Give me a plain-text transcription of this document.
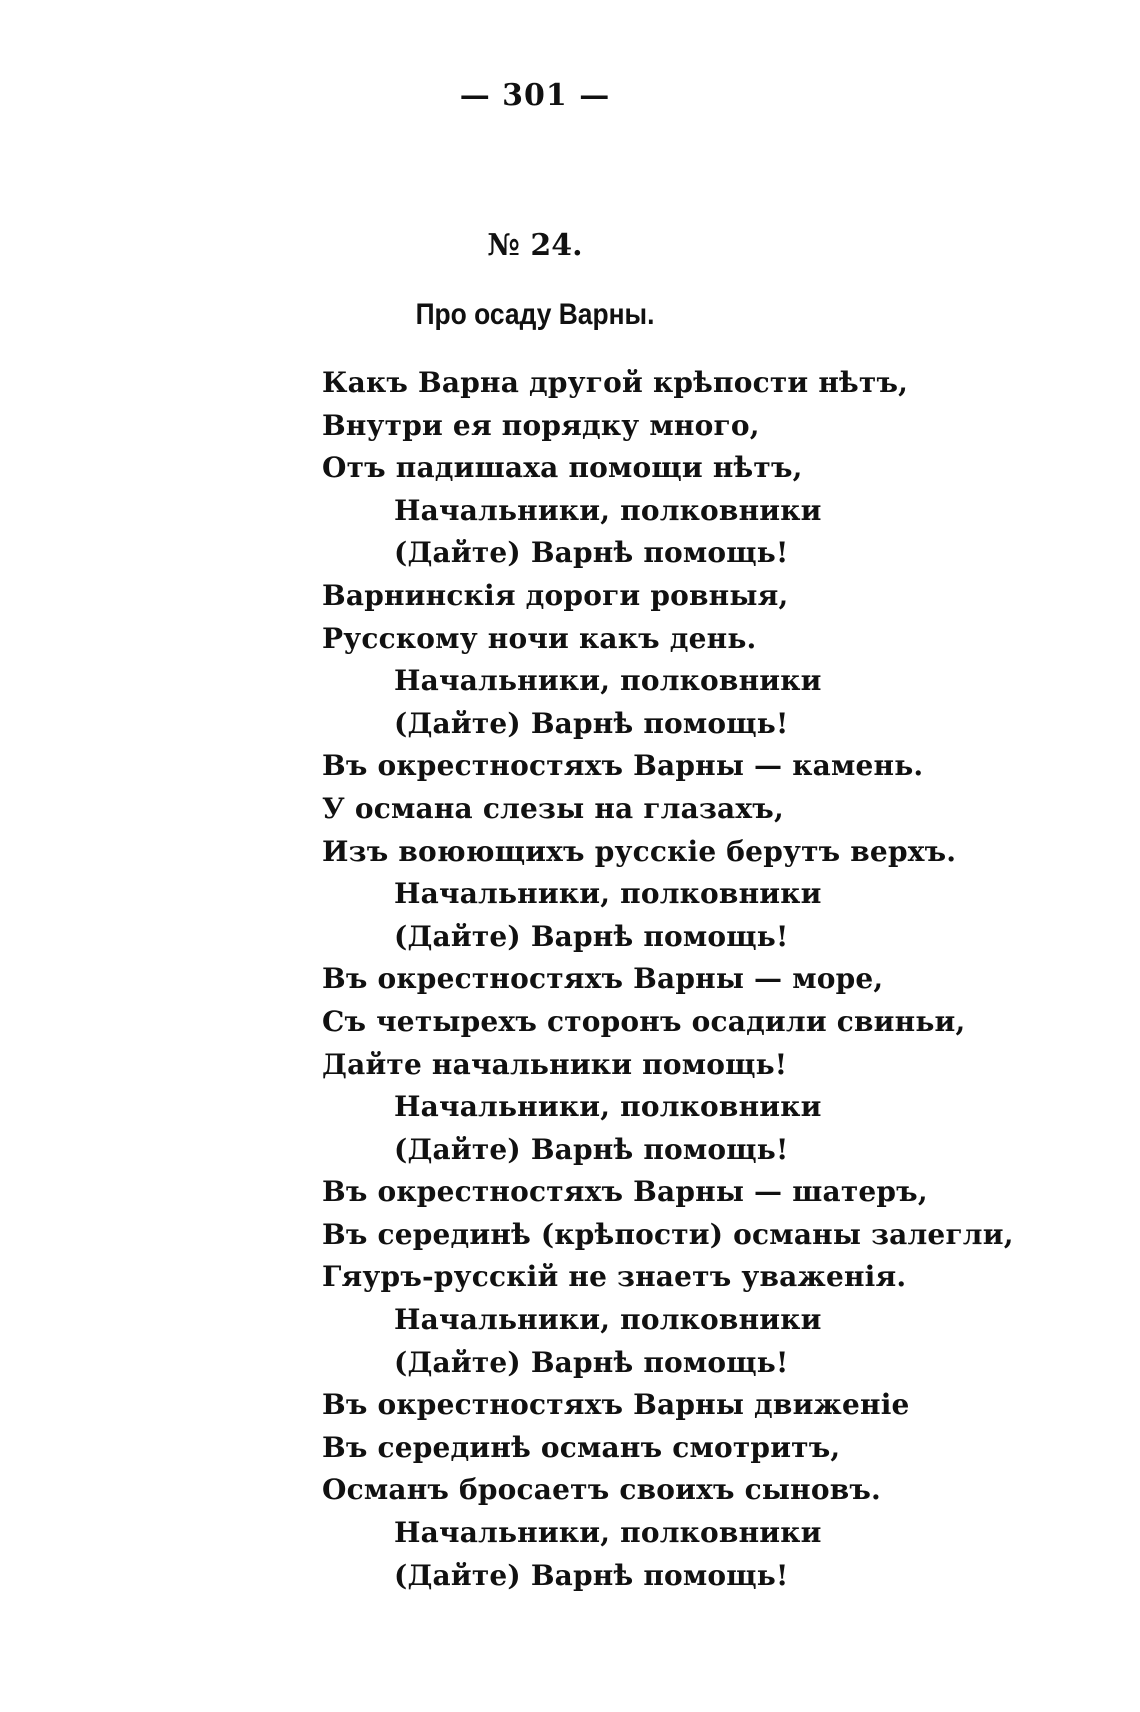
— 301 —
№ 24.
Про осаду Варны.
Какъ Варна другой крѣпости нѣтъ,
Внутри ея порядку много,
Отъ падишаха помощи нѣтъ,
Начальники, полковники
(Дайте) Варнѣ помощь!
Варнинскія дороги ровныя,
Русскому ночи какъ день.
Начальники, полковники
(Дайте) Варнѣ помощь!
Въ окрестностяхъ Варны — камень.
У османа слезы на глазахъ,
Изъ воюющихъ русскіе берутъ верхъ.
Начальники, полковники
(Дайте) Варнѣ помощь!
Въ окрестностяхъ Варны — море,
Съ четырехъ сторонъ осадили свиньи,
Дайте начальники помощь!
Начальники, полковники
(Дайте) Варнѣ помощь!
Въ окрестностяхъ Варны — шатеръ,
Въ серединѣ (крѣпости) османы залегли,
Гяуръ-русскій не знаетъ уваженія.
Начальники, полковники
(Дайте) Варнѣ помощь!
Въ окрестностяхъ Варны движеніе
Въ серединѣ османъ смотритъ,
Османъ бросаетъ своихъ сыновъ.
Начальники, полковники
(Дайте) Варнѣ помощь!
